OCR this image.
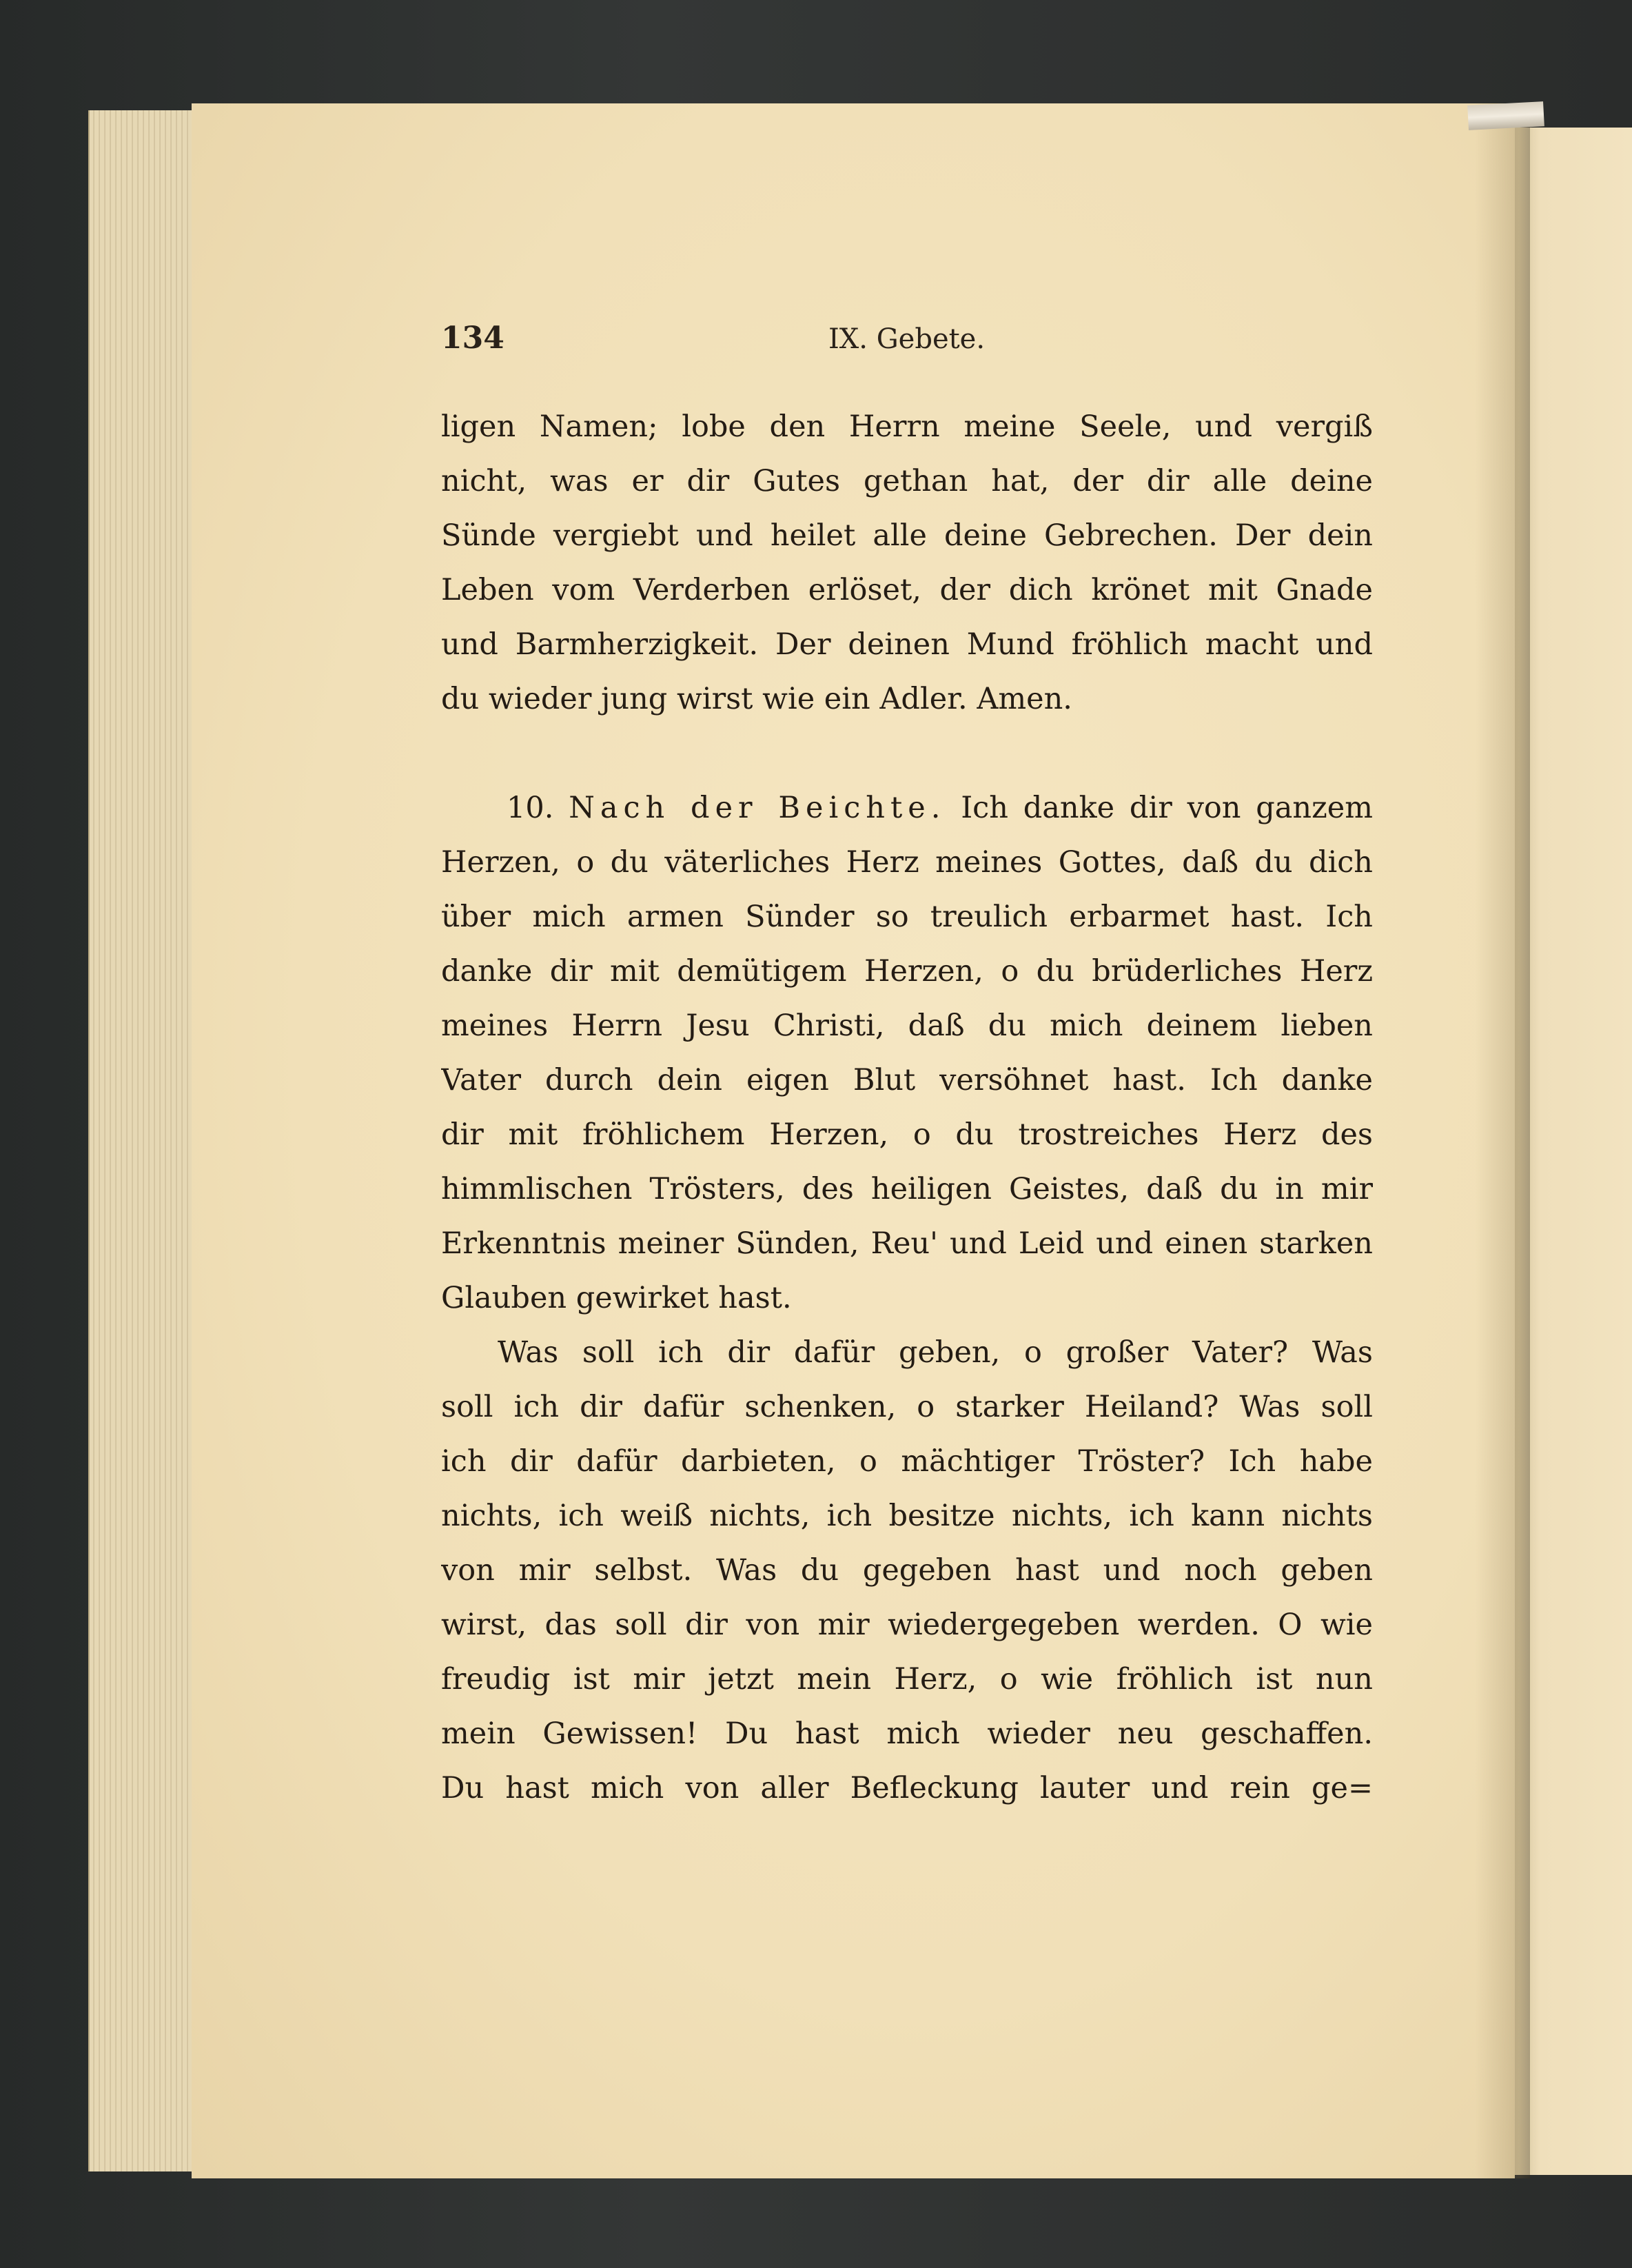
134	IX. Gebete.
ligen Namen; lobe den Herrn meine Seele, und vergiß
nicht, was er dir Gutes gethan hat, der dir alle deine
Sünde vergiebt und heilet alle deine Gebrechen. Der dein
Leben vom Verderben erlöset, der dich krönet mit Gnade
und Barmherzigkeit. Der deinen Mund fröhlich macht und
du wieder jung wirst wie ein Adler. Amen.
10. Nach der Beichte. Ich danke dir von ganzem
Herzen, o du väterliches Herz meines Gottes, daß du dich
über mich armen Sünder so treulich erbarmet hast. Ich
danke dir mit demütigem Herzen, o du brüderliches Herz
meines Herrn Jesu Christi, daß du mich deinem lieben
Vater durch dein eigen Blut versöhnet hast. Ich danke
dir mit fröhlichem Herzen, o du trostreiches Herz des
himmlischen Trösters, des heiligen Geistes, daß du in mir
Erkenntnis meiner Sünden, Reu' und Leid und einen starken
Glauben gewirket hast.
Was soll ich dir dafür geben, o großer Vater? Was
soll ich dir dafür schenken, o starker Heiland? Was soll
ich dir dafür darbieten, o mächtiger Tröster? Ich habe
nichts, ich weiß nichts, ich besitze nichts, ich kann nichts
von mir selbst. Was du gegeben hast und noch geben
wirst, das soll dir von mir wiedergegeben werden. O wie
freudig ist mir jetzt mein Herz, o wie fröhlich ist nun
mein Gewissen! Du hast mich wieder neu geschaffen.
Du hast mich von aller Befleckung lauter und rein ge=
